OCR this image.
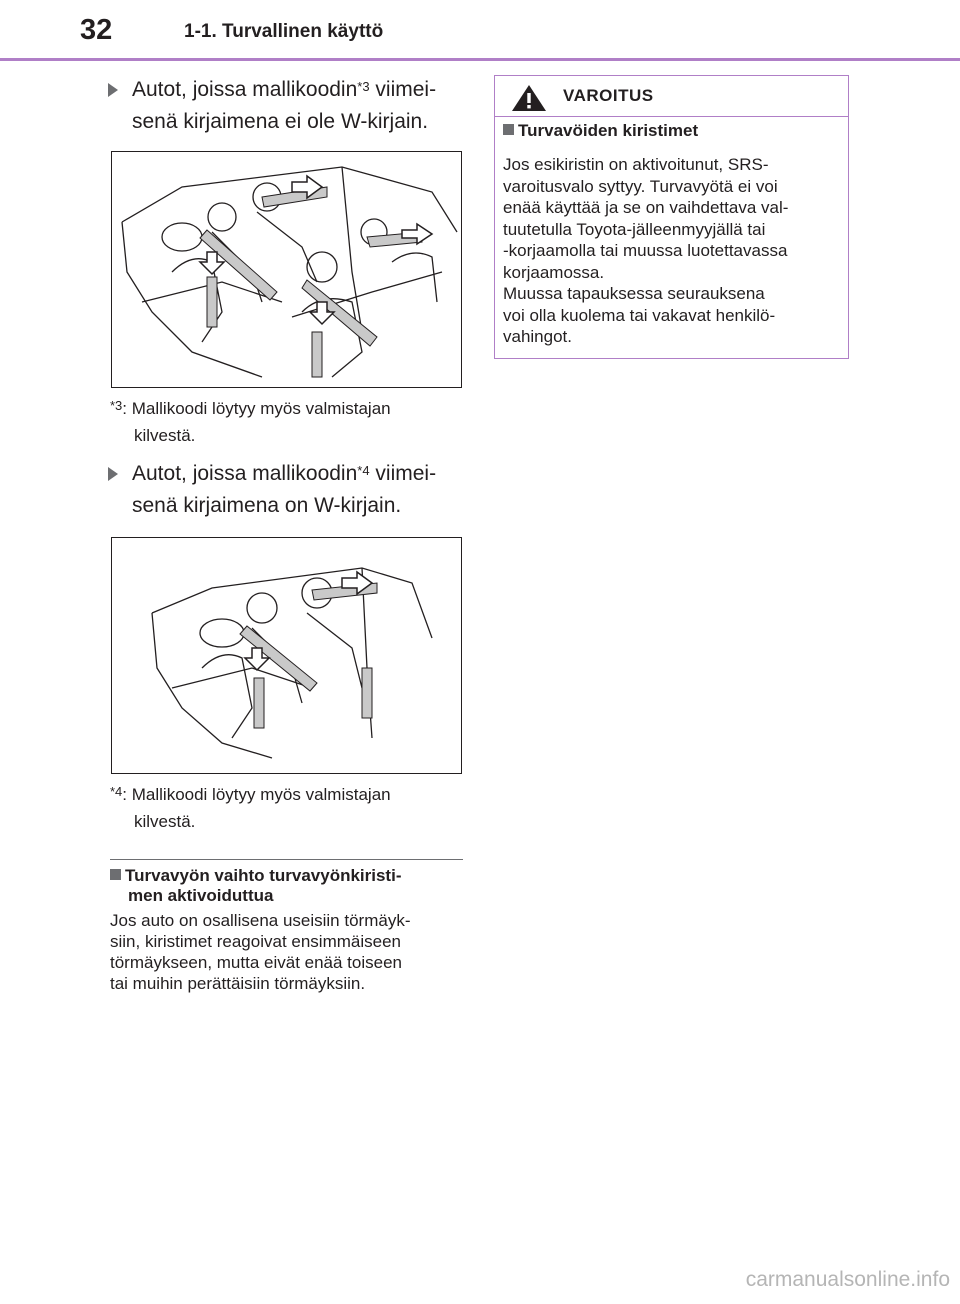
32	1-1. Turvallinen käyttö
Autot, joissa mallikoodin$^{*3}$ viimei-
senä kirjaimena ei ole W-kirjain.
$^{*3}$: Mallikoodi löytyy myös valmistajan
kilvestä.
Autot, joissa mallikoodin$^{*4}$ viimei-
senä kirjaimena on W-kirjain.
$^{*4}$: Mallikoodi löytyy myös valmistajan
kilvestä.
Turvavyön vaihto turvavyönkiristi-
men aktivoiduttua
Jos auto on osallisena useisiin törmäyk-
siin, kiristimet reagoivat ensimmäiseen
törmäykseen, mutta eivät enää toiseen
tai muihin perättäisiin törmäyksiin.
VAROITUS
Turvavöiden kiristimet
Jos esikiristin on aktivoitunut, SRS-
varoitusvalo syttyy. Turvavyötä ei voi
enää käyttää ja se on vaihdettava val-
tuutetulla Toyota-jälleenmyyjällä tai
-korjaamolla tai muussa luotettavassa
korjaamossa.
Muussa tapauksessa seurauksena
voi olla kuolema tai vakavat henkilö-
vahingot.
carmanualsonline.info
